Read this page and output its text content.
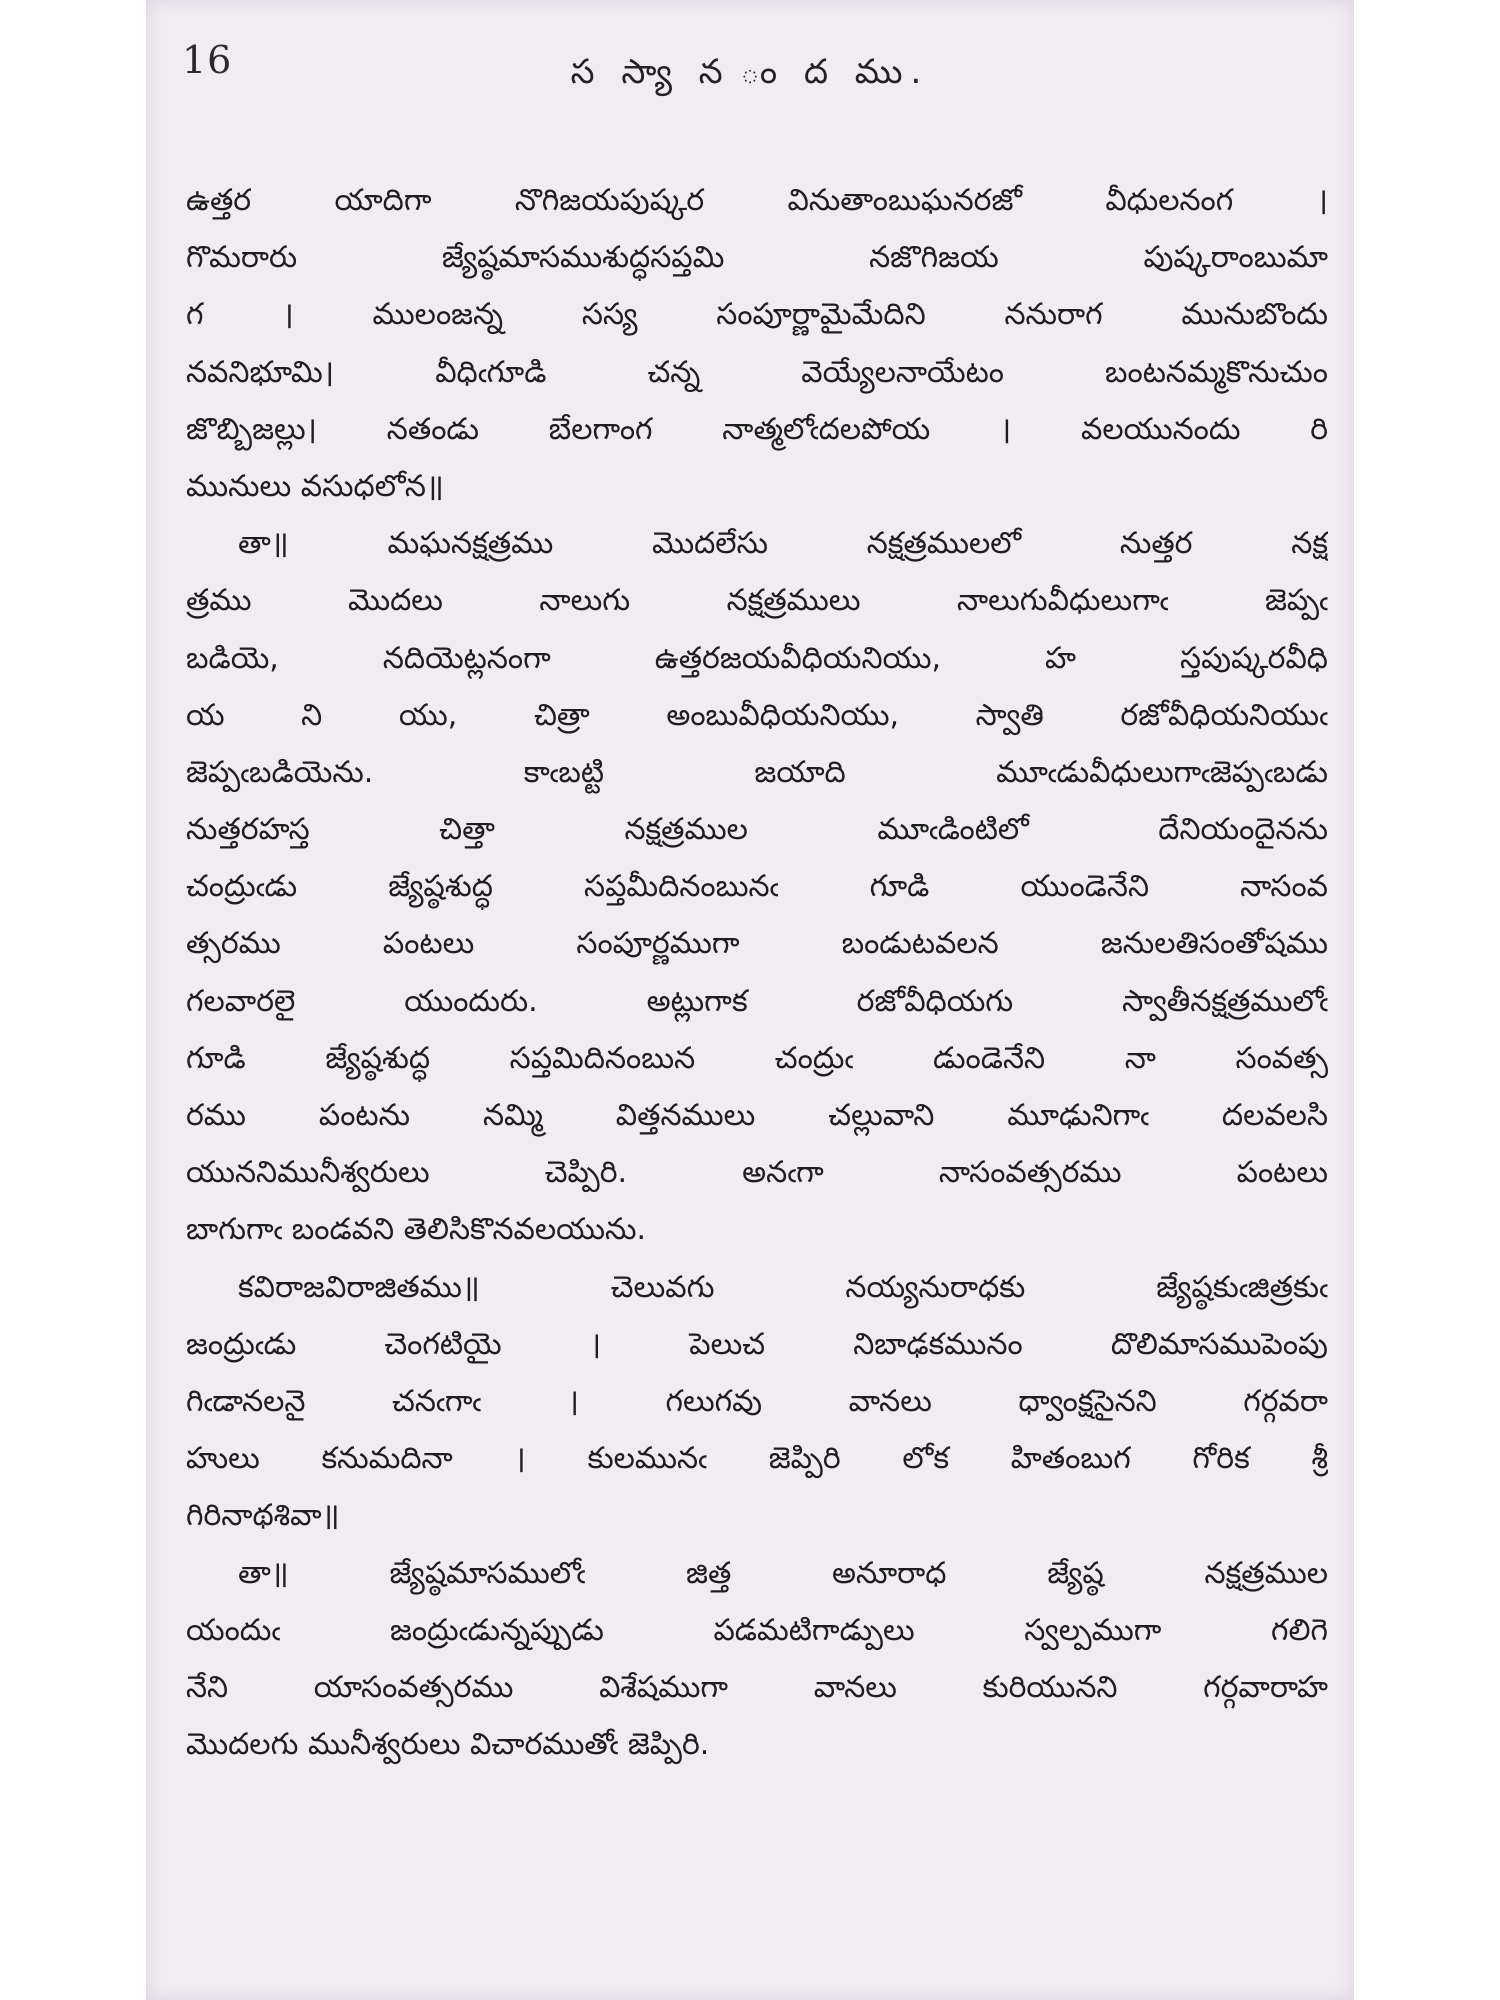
16	స స్యా న ం ద ము.
ఉత్తర యాదిగా నొగిజయపుష్కర వినుతాంబుఘనరజో వీధులనంగ ।
గొమరారు జ్యేష్ఠమాసముశుద్ధసప్తమి నజొగిజయ పుష్కరాంబుమా
గ । ములంజన్న సస్య సంపూర్ణామైమేదిని ననురాగ మునుబొందు
నవనిభూమి। వీధిఁగూడి చన్న వెయ్యేలనాయేటం బంటనమ్మకొనుచుం
జొబ్బిజల్లు। నతండు బేలగాంగ నాత్మలోఁదలపోయ । వలయునందు రి
మునులు వసుధలోన॥
తా॥ మఘనక్షత్రము మొదలేసు నక్షత్రములలో నుత్తర నక్ష
త్రము మొదలు నాలుగు నక్షత్రములు నాలుగువీధులుగాఁ జెప్పఁ
బడియె, నదియెట్లనంగా ఉత్తరజయవీధియనియు, హ స్తపుష్కరవీధి
య ని యు, చిత్రా అంబువీధియనియు, స్వాతి రజోవీధియనియుఁ
జెప్పఁబడియెను. కాఁబట్టి జయాది మూఁడువీధులుగాఁజెప్పఁబడు
నుత్తరహస్త చిత్తా నక్షత్రముల మూఁడింటిలో దేనియందైనను
చంద్రుఁడు జ్యేష్ఠశుద్ధ సప్తమీదినంబునఁ గూడి యుండెనేని నాసంవ
త్సరము పంటలు సంపూర్ణముగా బండుటవలన జనులతిసంతోషము
గలవారలై యుందురు. అట్లుగాక రజోవీధియగు స్వాతీనక్షత్రములోఁ
గూడి జ్యేష్ఠశుద్ధ సప్తమిదినంబున చంద్రుఁ డుండెనేని నా సంవత్స
రము పంటను నమ్మి విత్తనములు చల్లువాని మూఢునిగాఁ దలవలసి
యుననిమునీశ్వరులు చెప్పిరి. అనఁగా నాసంవత్సరము పంటలు
బాగుగాఁ బండవని తెలిసికొనవలయును.
కవిరాజవిరాజితము॥ చెలువగు నయ్యనురాధకు జ్యేష్ఠకుఁజిత్రకుఁ
జంద్రుఁడు చెంగటియై । పెలుచ నిబాఢకమునం దొలిమాసముపెంపు
గిఁడానలనై చనఁగాఁ । గలుగవు వానలు ధ్వాంక్షసైనని గర్గవరా
హులు కనుమదినా । కులమునఁ జెప్పిరి లోక హితంబుగ గోరిక శ్రీ
గిరినాథశివా॥
తా॥ జ్యేష్ఠమాసములోఁ జిత్త అనూరాధ జ్యేష్ఠ నక్షత్రముల
యందుఁ జంద్రుఁడున్నప్పుడు పడమటిగాడ్పులు స్వల్పముగా గలిగె
నేని యాసంవత్సరము విశేషముగా వానలు కురియునని గర్గవారాహ
మొదలగు మునీశ్వరులు విచారముతోఁ జెప్పిరి.
